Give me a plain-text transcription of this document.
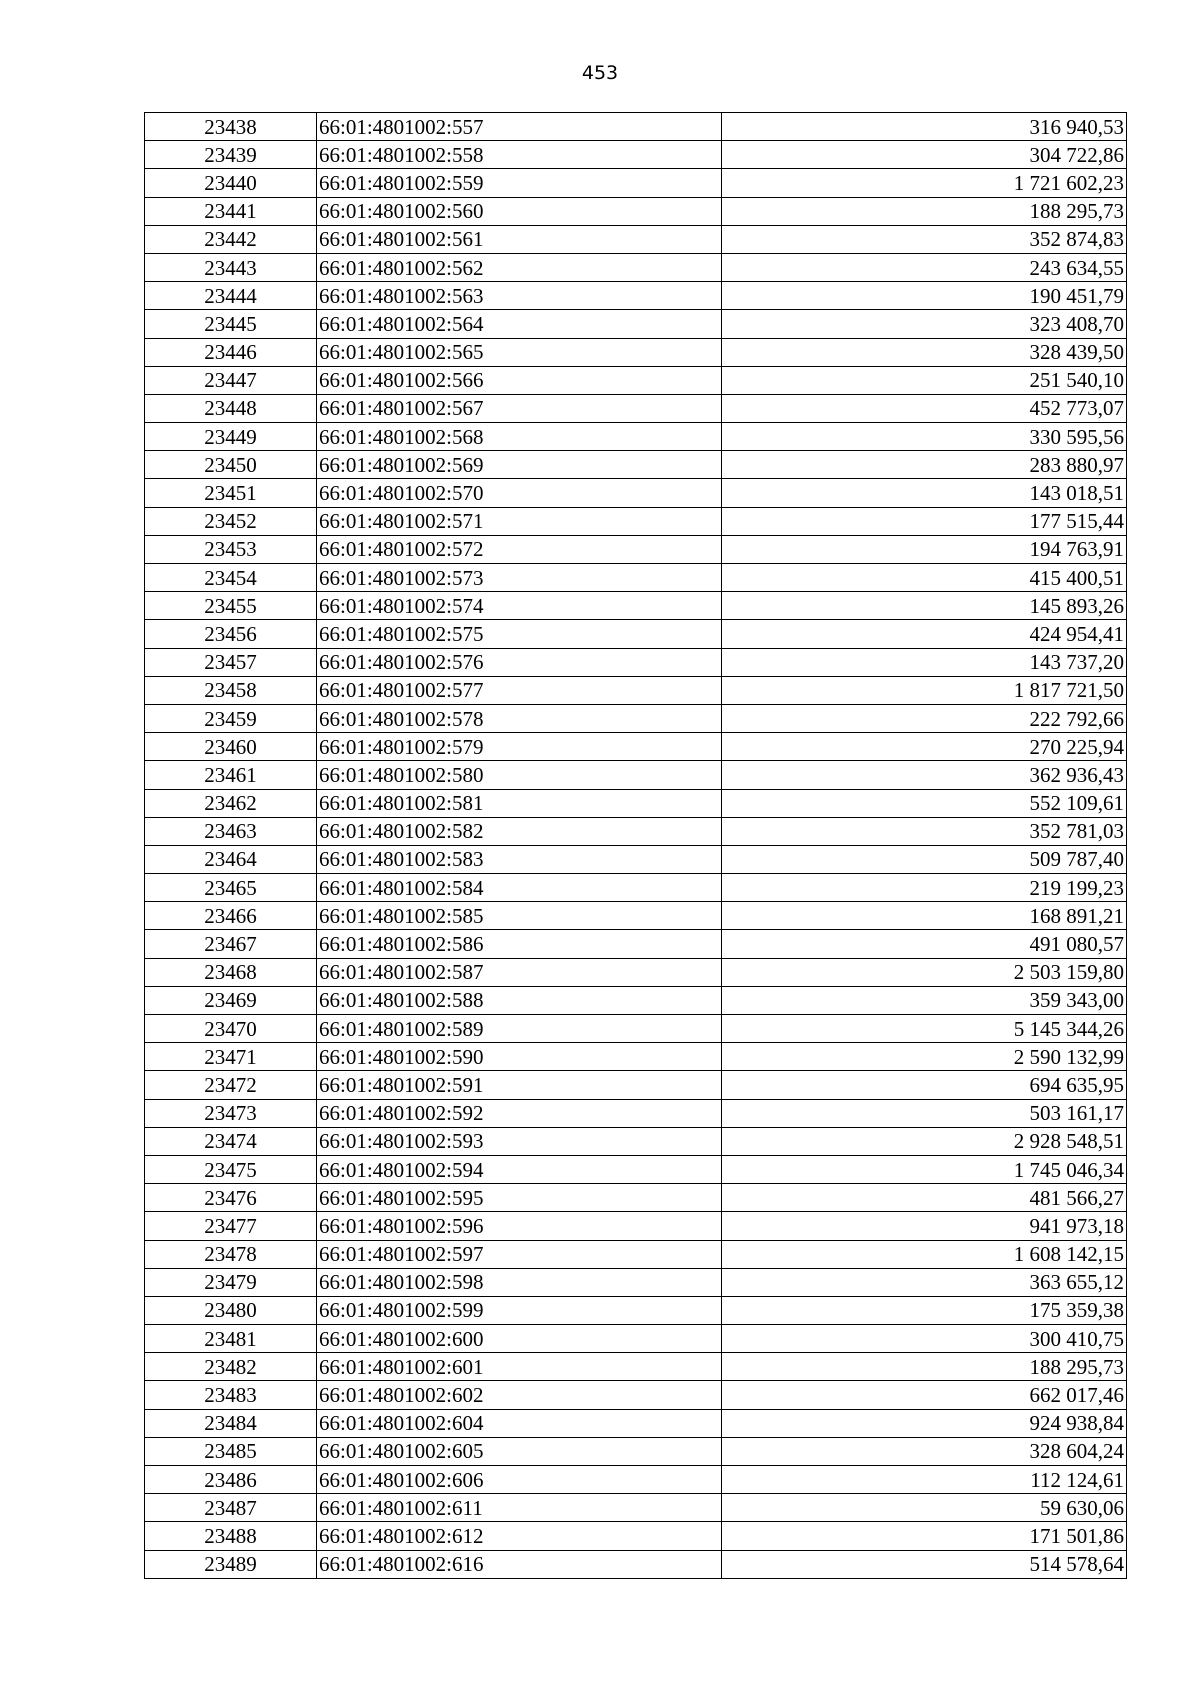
453
23438	66:01:4801002:557	316 940,53
23439	66:01:4801002:558	304 722,86
23440	66:01:4801002:559	1 721 602,23
23441	66:01:4801002:560	188 295,73
23442	66:01:4801002:561	352 874,83
23443	66:01:4801002:562	243 634,55
23444	66:01:4801002:563	190 451,79
23445	66:01:4801002:564	323 408,70
23446	66:01:4801002:565	328 439,50
23447	66:01:4801002:566	251 540,10
23448	66:01:4801002:567	452 773,07
23449	66:01:4801002:568	330 595,56
23450	66:01:4801002:569	283 880,97
23451	66:01:4801002:570	143 018,51
23452	66:01:4801002:571	177 515,44
23453	66:01:4801002:572	194 763,91
23454	66:01:4801002:573	415 400,51
23455	66:01:4801002:574	145 893,26
23456	66:01:4801002:575	424 954,41
23457	66:01:4801002:576	143 737,20
23458	66:01:4801002:577	1 817 721,50
23459	66:01:4801002:578	222 792,66
23460	66:01:4801002:579	270 225,94
23461	66:01:4801002:580	362 936,43
23462	66:01:4801002:581	552 109,61
23463	66:01:4801002:582	352 781,03
23464	66:01:4801002:583	509 787,40
23465	66:01:4801002:584	219 199,23
23466	66:01:4801002:585	168 891,21
23467	66:01:4801002:586	491 080,57
23468	66:01:4801002:587	2 503 159,80
23469	66:01:4801002:588	359 343,00
23470	66:01:4801002:589	5 145 344,26
23471	66:01:4801002:590	2 590 132,99
23472	66:01:4801002:591	694 635,95
23473	66:01:4801002:592	503 161,17
23474	66:01:4801002:593	2 928 548,51
23475	66:01:4801002:594	1 745 046,34
23476	66:01:4801002:595	481 566,27
23477	66:01:4801002:596	941 973,18
23478	66:01:4801002:597	1 608 142,15
23479	66:01:4801002:598	363 655,12
23480	66:01:4801002:599	175 359,38
23481	66:01:4801002:600	300 410,75
23482	66:01:4801002:601	188 295,73
23483	66:01:4801002:602	662 017,46
23484	66:01:4801002:604	924 938,84
23485	66:01:4801002:605	328 604,24
23486	66:01:4801002:606	112 124,61
23487	66:01:4801002:611	59 630,06
23488	66:01:4801002:612	171 501,86
23489	66:01:4801002:616	514 578,64
